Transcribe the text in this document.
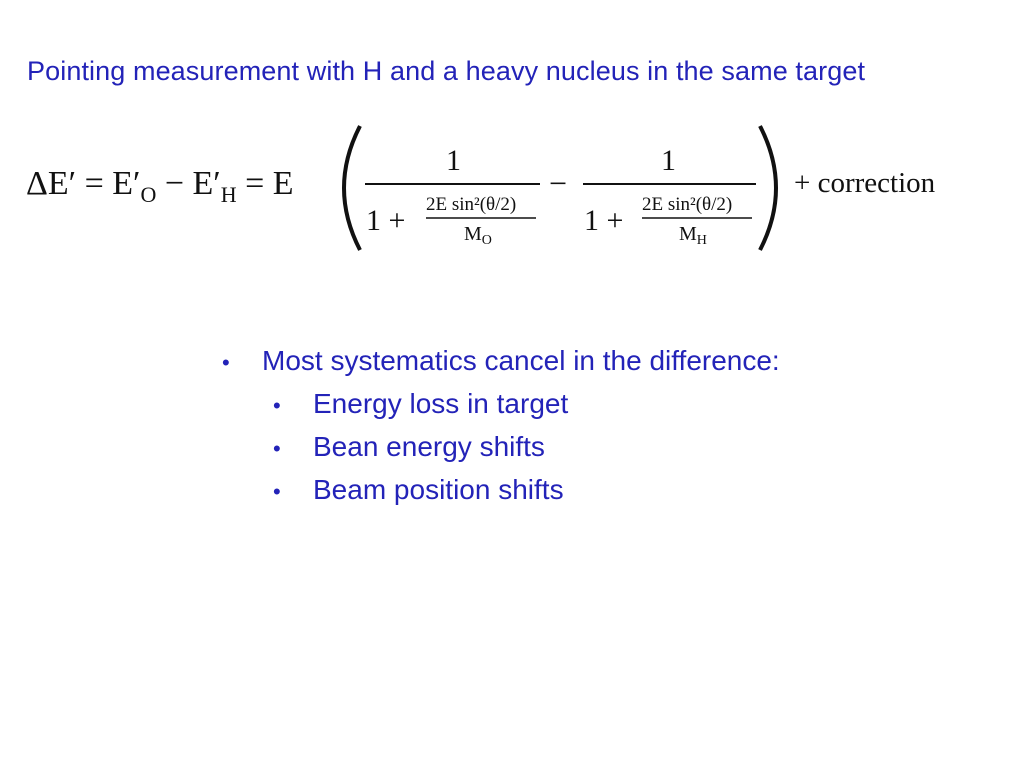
Pointing measurement with H and a heavy nucleus in the same target
$\Delta E' = E'_O - E'_H = E$
1
1 + 2E sin²(θ/2)
$M_O$
−
1
1 + 2E sin²(θ/2)
$M_H$
+ correction
•	Most systematics cancel in the difference:
•	Energy loss in target
•	Bean energy shifts
•	Beam position shifts
